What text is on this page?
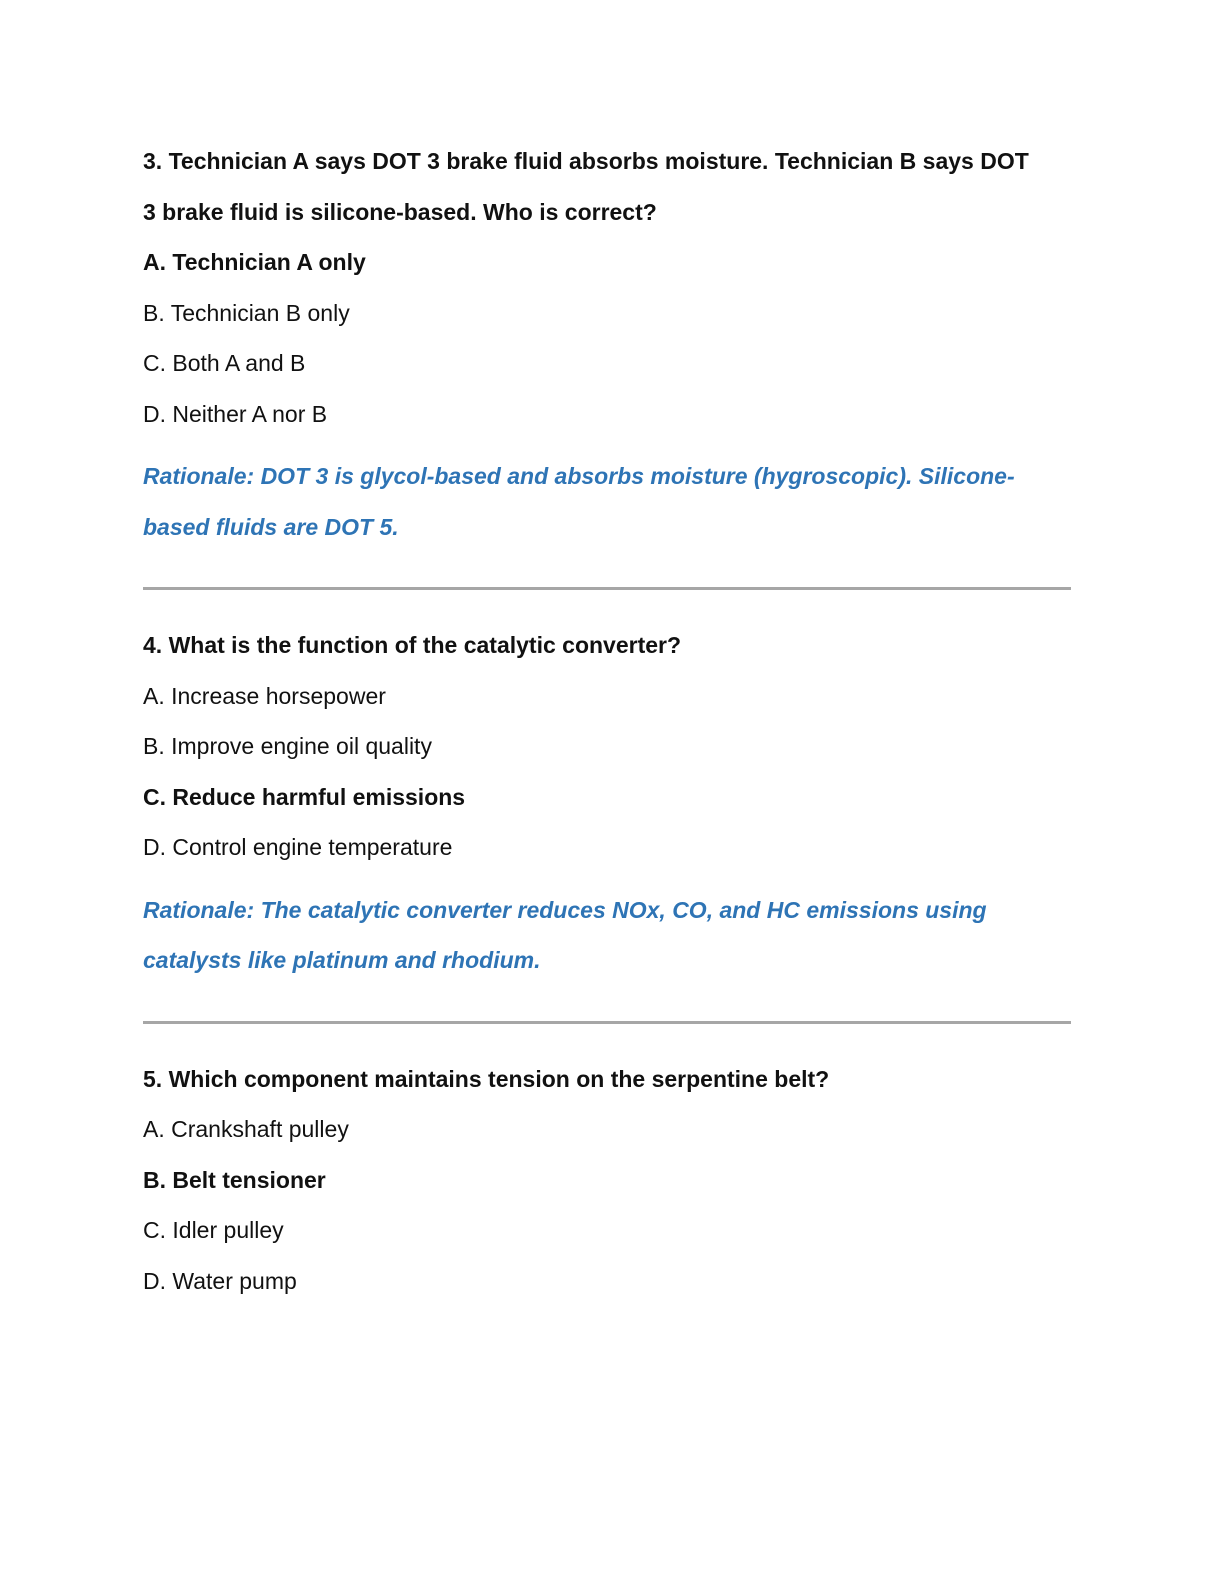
3. Technician A says DOT 3 brake fluid absorbs moisture. Technician B says DOT
3 brake fluid is silicone-based. Who is correct?
A. Technician A only
B. Technician B only
C. Both A and B
D. Neither A nor B
Rationale: DOT 3 is glycol-based and absorbs moisture (hygroscopic). Silicone-
based fluids are DOT 5.
4. What is the function of the catalytic converter?
A. Increase horsepower
B. Improve engine oil quality
C. Reduce harmful emissions
D. Control engine temperature
Rationale: The catalytic converter reduces NOx, CO, and HC emissions using
catalysts like platinum and rhodium.
5. Which component maintains tension on the serpentine belt?
A. Crankshaft pulley
B. Belt tensioner
C. Idler pulley
D. Water pump
